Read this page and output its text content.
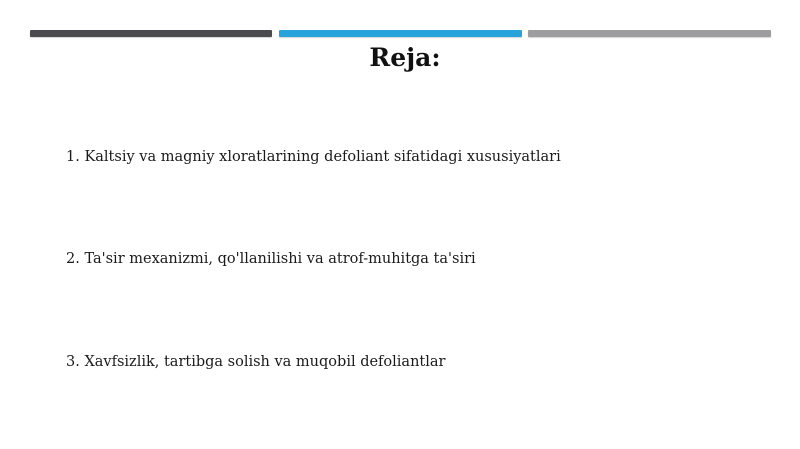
Reja:
1. Kaltsiy va magniy xloratlarining defoliant sifatidagi xususiyatlari
2. Ta'sir mexanizmi, qo'llanilishi va atrof-muhitga ta'siri
3. Xavfsizlik, tartibga solish va muqobil defoliantlar
